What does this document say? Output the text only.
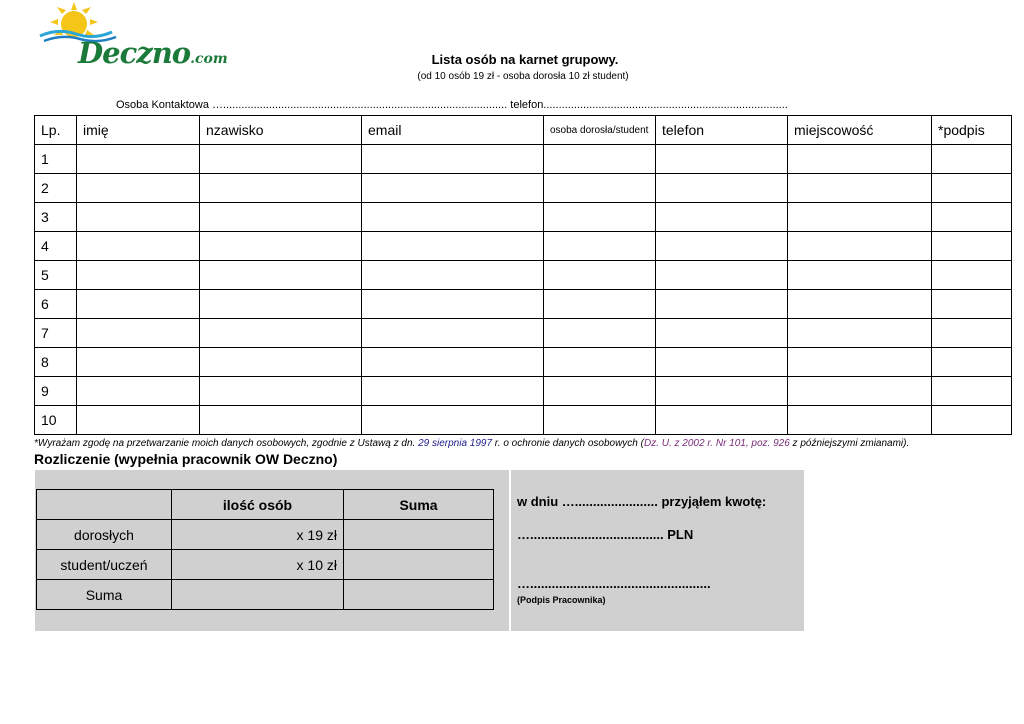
Deczno.com	Lista osób na karnet grupowy.
(od 10 osób 19 zł - osoba dorosła 10 zł student)
Osoba Kontaktowa …............................................................................................. telefon................................................................................
Lp.	imię	nzawisko	email	osoba dorosła/student	telefon	miejscowość	*podpis
1							
2							
3							
4							
5							
6							
7							
8							
9							
10							
*Wyrażam zgodę na przetwarzanie moich danych osobowych, zgodnie z Ustawą z dn. 29 sierpnia 1997 r. o ochronie danych osobowych (Dz. U. z 2002 r. Nr 101, poz. 926 z późniejszymi zmianami).
Rozliczenie (wypełnia pracownik OW Deczno)
	ilość osób	Suma
dorosłych	x 19 zł	
student/uczeń	x 10 zł	
Suma		
w dniu …....................... przyjąłem kwotę:
…..................................... PLN
…..................................................
(Podpis Pracownika)
